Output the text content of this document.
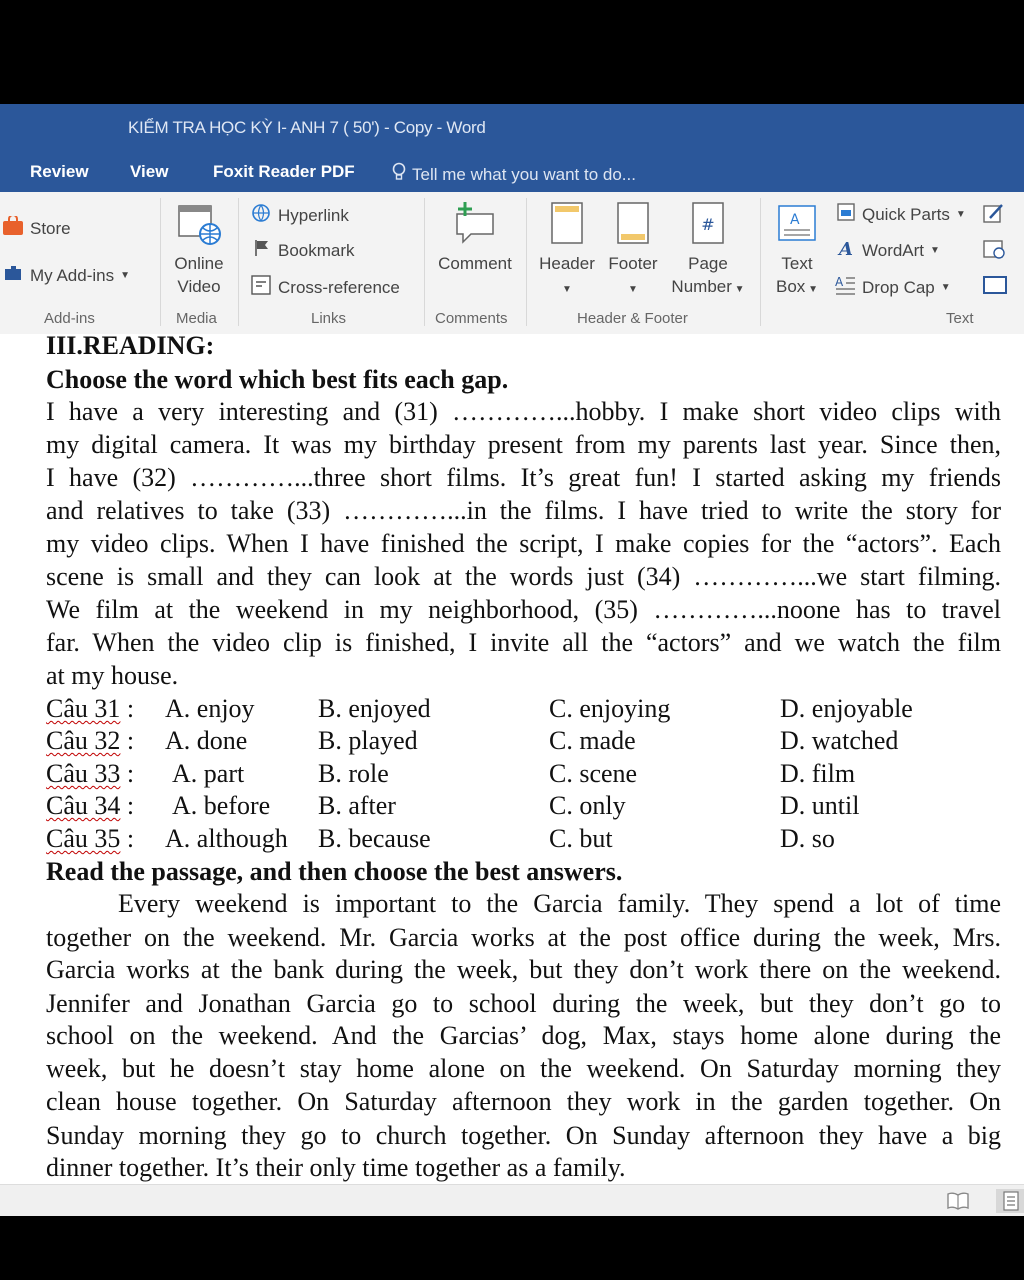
KIỂM TRA HỌC KỲ I- ANH 7 ( 50') - Copy - Word
Review View	Foxit Reader PDF	Tell me what you want to do...
Store
My Add-ins ▼
Add-ins

Online
Video
Media
Hyperlink
Bookmark
Cross-reference
Links

Comment
Comments

Header
▼

Footer
▼
#

Page
Number ▼
Header & Footer
A

Text
Box ▼
Quick Parts ▼
A WordArt ▼
A Drop Cap ▼
Text
III.READING:
Choose the word which best fits each gap.
I have a very interesting and (31) …………...hobby. I make short video clips with
my digital camera. It was my birthday present from my parents last year. Since then,
I have (32) …………...three short films. It’s great fun! I started asking my friends
and relatives to take (33) …………...in the films. I have tried to write the story for
my video clips. When I have finished the script, I make copies for the “actors”. Each
scene is small and they can look at the words just (34) …………...we start filming.
We film at the weekend in my neighborhood, (35) …………...noone has to travel
far. When the video clip is finished, I invite all the “actors” and we watch the film
at my house.
Câu 31 : A. enjoy B. enjoyed	C. enjoying	D. enjoyable
Câu 32 : A. done	B. played	C. made	D. watched
Câu 33 : A. part	B. role	C. scene	D. film
Câu 34 : A. before B. after	C. only	D. until
Câu 35 : A. although B. because	C. but	D. so
Read the passage, and then choose the best answers.
Every weekend is important to the Garcia family. They spend a lot of time
together on the weekend. Mr. Garcia works at the post office during the week, Mrs.
Garcia works at the bank during the week, but they don’t work there on the weekend.
Jennifer and Jonathan Garcia go to school during the week, but they don’t go to
school on the weekend. And the Garcias’ dog, Max, stays home alone during the
week, but he doesn’t stay home alone on the weekend. On Saturday morning they
clean house together. On Saturday afternoon they work in the garden together. On
Sunday morning they go to church together. On Sunday afternoon they have a big
dinner together. It’s their only time together as a family.
